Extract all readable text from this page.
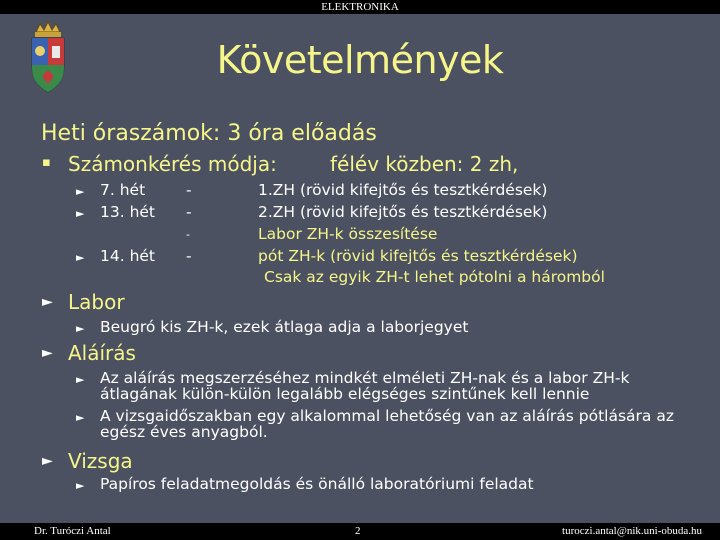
ELEKTRONIKA
Követelmények
Heti óraszámok: 3 óra előadás
▪ Számonkérés módja:	félév közben: 2 zh,
► 7. hét	-	1.ZH (rövid kifejtős és tesztkérdések)
► 13. hét -	2.ZH (rövid kifejtős és tesztkérdések)
-	Labor ZH-k összesítése
► 14. hét -	pót ZH-k (rövid kifejtős és tesztkérdések)
Csak az egyik ZH-t lehet pótolni a háromból
► Labor
► Beugró kis ZH-k, ezek átlaga adja a laborjegyet
► Aláírás
► Az aláírás megszerzéséhez mindkét elméleti ZH-nak és a labor ZH-k
átlagának külön-külön legalább elégséges szintűnek kell lennie
► A vizsgaidőszakban egy alkalommal lehetőség van az aláírás pótlására az
egész éves anyagból.
► Vizsga
► Papíros feladatmegoldás és önálló laboratóriumi feladat
Dr. Turóczi Antal	2	turoczi.antal@nik.uni-obuda.hu
